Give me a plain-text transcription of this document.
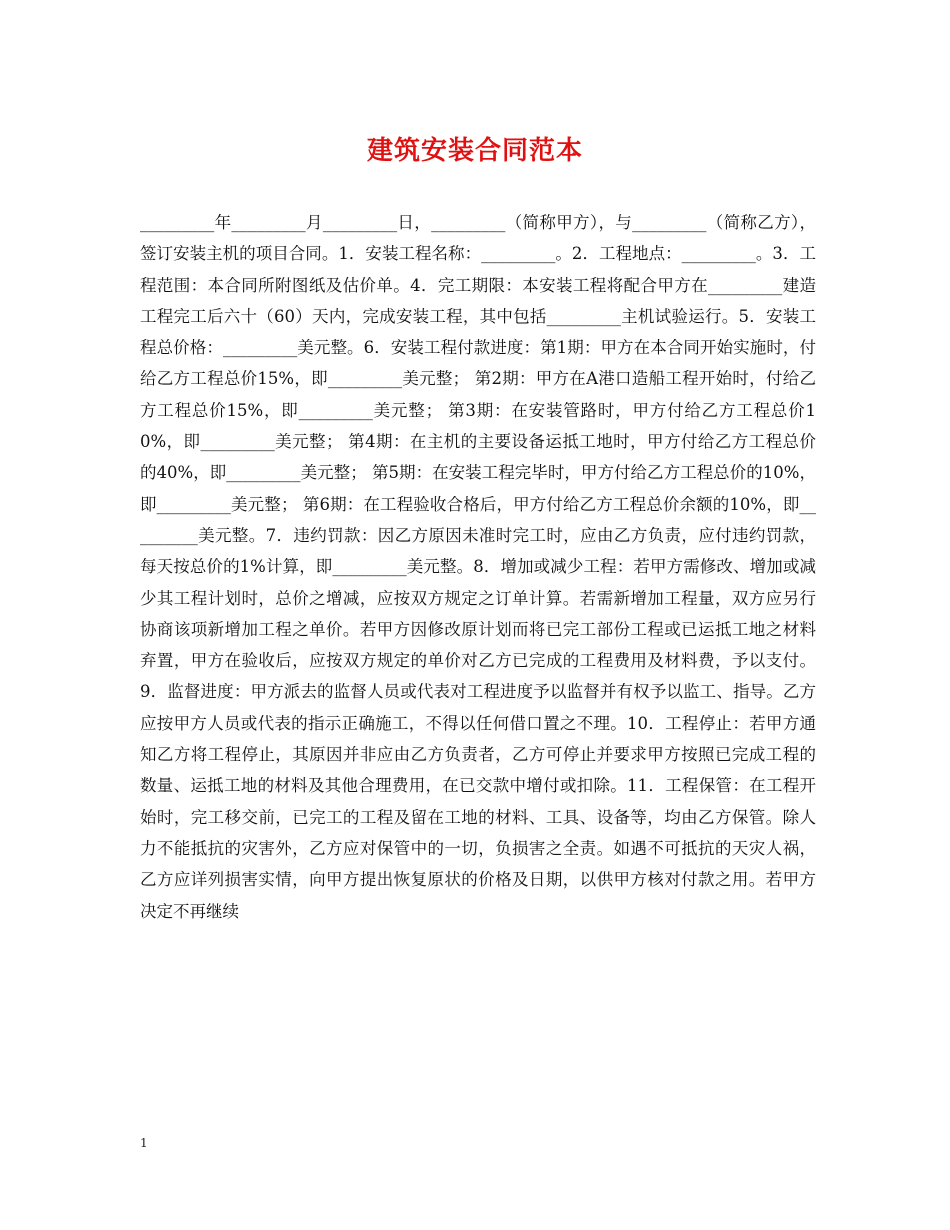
建筑安装合同范本
_________年_________月_________日，_________（简称甲方），与_________（简称乙方），签订安装主机的项目合同。1．安装工程名称：_________。2．工程地点：_________。3．工程范围：本合同所附图纸及估价单。4．完工期限：本安装工程将配合甲方在_________建造工程完工后六十（60）天内，完成安装工程，其中包括_________主机试验运行。5．安装工程总价格：_________美元整。6．安装工程付款进度：第1期：甲方在本合同开始实施时，付给乙方工程总价15%，即_________美元整； 第2期：甲方在A港口造船工程开始时，付给乙方工程总价15%，即_________美元整； 第3期：在安装管路时，甲方付给乙方工程总价10%，即_________美元整； 第4期：在主机的主要设备运抵工地时，甲方付给乙方工程总价的40%，即_________美元整； 第5期：在安装工程完毕时，甲方付给乙方工程总价的10%，即_________美元整； 第6期：在工程验收合格后，甲方付给乙方工程总价余额的10%，即_________美元整。7．违约罚款：因乙方原因未准时完工时，应由乙方负责，应付违约罚款，每天按总价的1%计算，即_________美元整。8．增加或减少工程：若甲方需修改、增加或减少其工程计划时，总价之增减，应按双方规定之订单计算。若需新增加工程量，双方应另行协商该项新增加工程之单价。若甲方因修改原计划而将已完工部份工程或已运抵工地之材料弃置，甲方在验收后，应按双方规定的单价对乙方已完成的工程费用及材料费，予以支付。9．监督进度：甲方派去的监督人员或代表对工程进度予以监督并有权予以监工、指导。乙方应按甲方人员或代表的指示正确施工，不得以任何借口置之不理。10．工程停止：若甲方通知乙方将工程停止，其原因并非应由乙方负责者，乙方可停止并要求甲方按照已完成工程的数量、运抵工地的材料及其他合理费用，在已交款中增付或扣除。11．工程保管：在工程开始时，完工移交前，已完工的工程及留在工地的材料、工具、设备等，均由乙方保管。除人力不能抵抗的灾害外，乙方应对保管中的一切，负损害之全责。如遇不可抵抗的天灾人祸，乙方应详列损害实情，向甲方提出恢复原状的价格及日期，以供甲方核对付款之用。若甲方决定不再继续
1
